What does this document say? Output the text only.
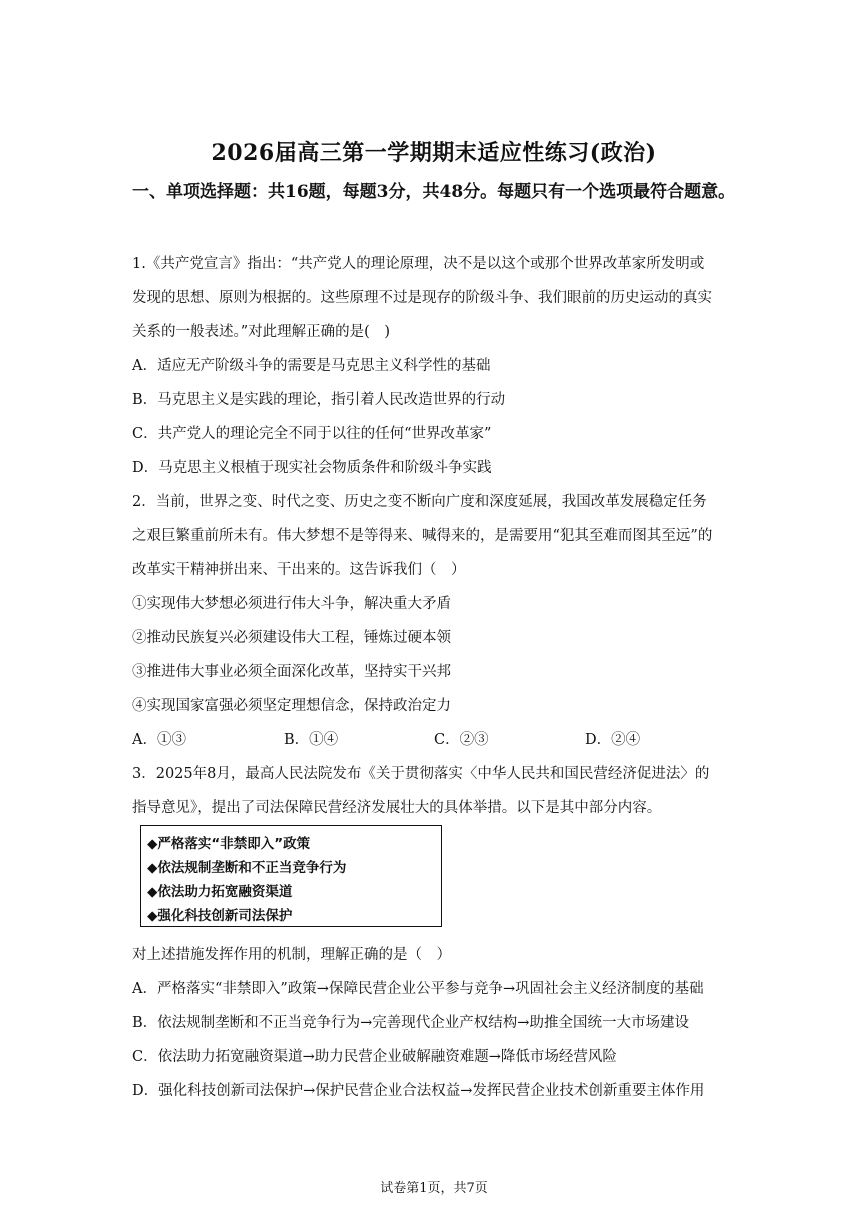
2026届高三第一学期期末适应性练习(政治)
一、单项选择题：共16题，每题3分，共48分。每题只有一个选项最符合题意。
1.《共产党宣言》指出：“共产党人的理论原理，决不是以这个或那个世界改革家所发明或
发现的思想、原则为根据的。这些原理不过是现存的阶级斗争、我们眼前的历史运动的真实
关系的一般表述。”对此理解正确的是(　)
A．适应无产阶级斗争的需要是马克思主义科学性的基础
B．马克思主义是实践的理论，指引着人民改造世界的行动
C．共产党人的理论完全不同于以往的任何“世界改革家”
D．马克思主义根植于现实社会物质条件和阶级斗争实践
2．当前，世界之变、时代之变、历史之变不断向广度和深度延展，我国改革发展稳定任务
之艰巨繁重前所未有。伟大梦想不是等得来、喊得来的，是需要用“犯其至难而图其至远”的
改革实干精神拼出来、干出来的。这告诉我们（　）
①实现伟大梦想必须进行伟大斗争，解决重大矛盾
②推动民族复兴必须建设伟大工程，锤炼过硬本领
③推进伟大事业必须全面深化改革，坚持实干兴邦
④实现国家富强必须坚定理想信念，保持政治定力
A．①③	B．①④	C．②③	D．②④
3．2025年8月，最高人民法院发布《关于贯彻落实〈中华人民共和国民营经济促进法〉的
指导意见》，提出了司法保障民营经济发展壮大的具体举措。以下是其中部分内容。
◆严格落实“非禁即入”政策
◆依法规制垄断和不正当竞争行为
◆依法助力拓宽融资渠道
◆强化科技创新司法保护
对上述措施发挥作用的机制，理解正确的是（　）
A．严格落实“非禁即入”政策→保障民营企业公平参与竞争→巩固社会主义经济制度的基础
B．依法规制垄断和不正当竞争行为→完善现代企业产权结构→助推全国统一大市场建设
C．依法助力拓宽融资渠道→助力民营企业破解融资难题→降低市场经营风险
D．强化科技创新司法保护→保护民营企业合法权益→发挥民营企业技术创新重要主体作用
试卷第1页，共7页
